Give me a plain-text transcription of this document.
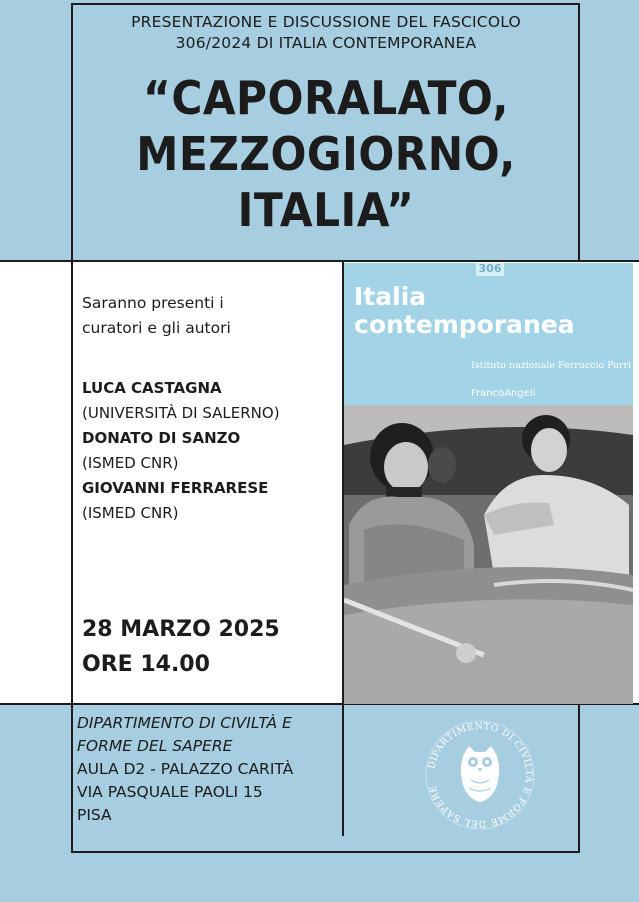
PRESENTAZIONE E DISCUSSIONE DEL FASCICOLO
306/2024 DI ITALIA CONTEMPORANEA
“CAPORALATO,
MEZZOGIORNO,
ITALIA”
Saranno presenti i
curatori e gli autori
LUCA CASTAGNA
(UNIVERSITÀ DI SALERNO)
DONATO DI SANZO
(ISMED CNR)
GIOVANNI FERRARESE
(ISMED CNR)
28 MARZO 2025
ORE 14.00
306
Italia
contemporanea
Istituto nazionale Ferruccio Parri
FrancoAngeli
DIPARTIMENTO DI CIVILTÀ E
FORME DEL SAPERE
AULA D2 - PALAZZO CARITÀ
VIA PASQUALE PAOLI 15
PISA
DIPARTIMENTO DI CIVILTÀ E FORME DEL SAPERE
